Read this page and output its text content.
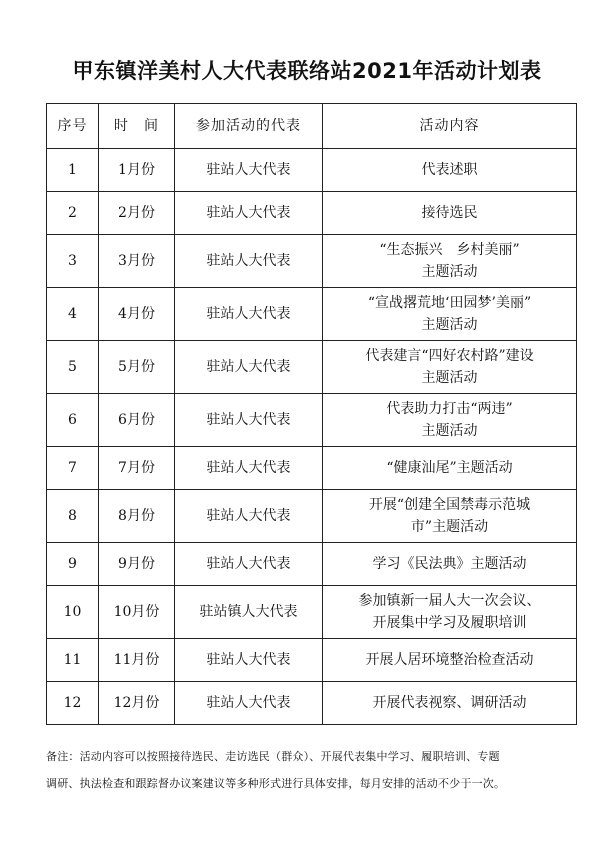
甲东镇洋美村人大代表联络站2021年活动计划表
序号	时　间	参加活动的代表	活动内容
1	1月份	驻站人大代表	代表述职
2	2月份	驻站人大代表	接待选民
3	3月份	驻站人大代表	“生态振兴　乡村美丽”
主题活动
4	4月份	驻站人大代表	“宣战撂荒地‘田园梦’美丽”
主题活动
5	5月份	驻站人大代表	代表建言“四好农村路”建设
主题活动
6	6月份	驻站人大代表	代表助力打击“两违”
主题活动
7	7月份	驻站人大代表	“健康汕尾”主题活动
8	8月份	驻站人大代表	开展“创建全国禁毒示范城
市”主题活动
9	9月份	驻站人大代表	学习《民法典》主题活动
10	10月份	驻站镇人大代表	参加镇新一届人大一次会议、
开展集中学习及履职培训
11	11月份	驻站人大代表	开展人居环境整治检查活动
12	12月份	驻站人大代表	开展代表视察、调研活动
备注：活动内容可以按照接待选民、走访选民（群众）、开展代表集中学习、履职培训、专题
调研、执法检查和跟踪督办议案建议等多种形式进行具体安排，每月安排的活动不少于一次。
